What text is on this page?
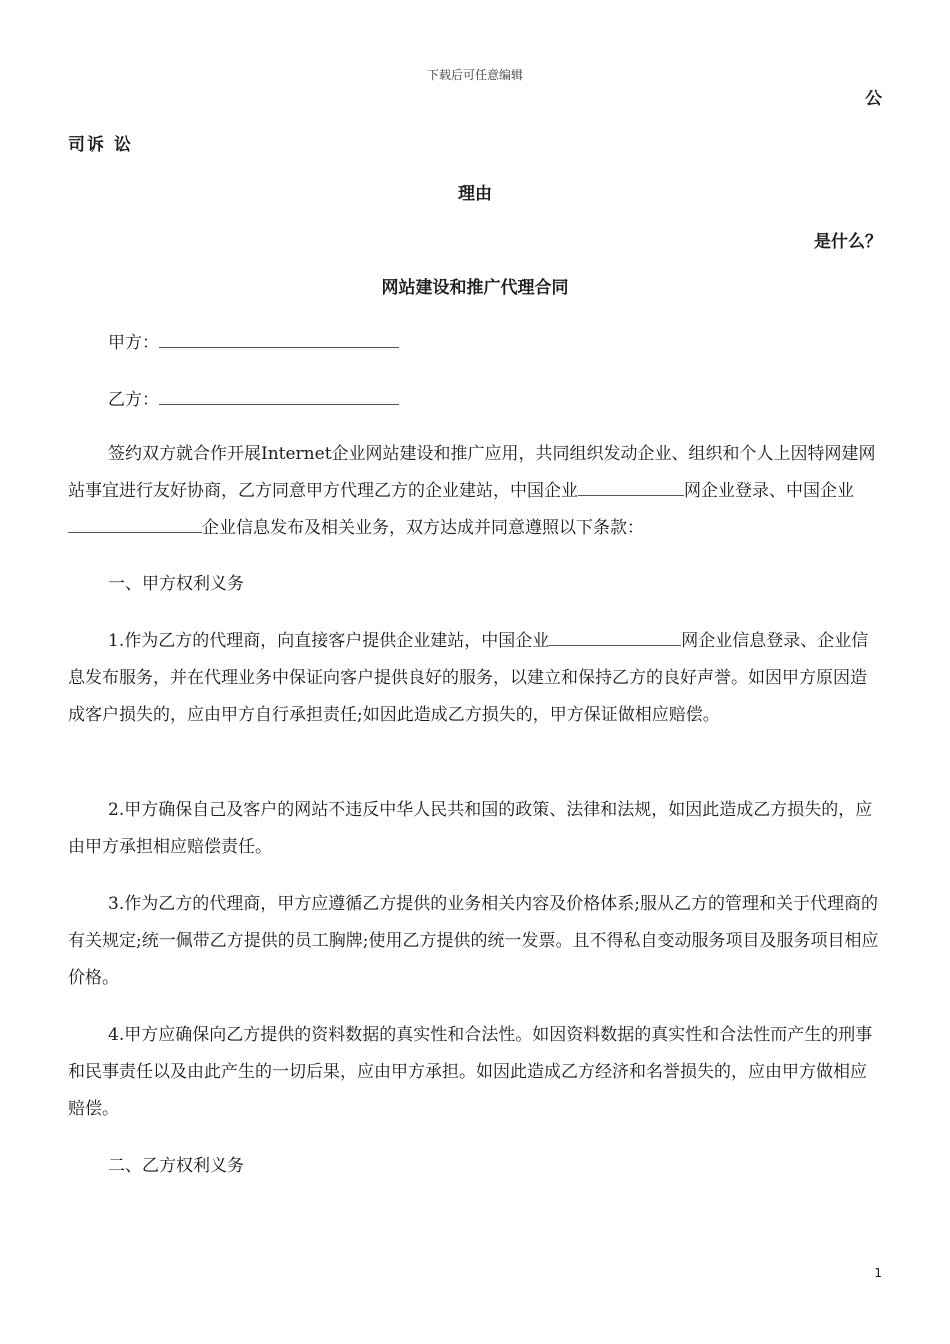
下载后可任意编辑
公
司诉 讼
理由
是什么？
网站建设和推广代理合同
甲方：
乙方：
签约双方就合作开展Internet企业网站建设和推广应用，共同组织发动企业、组织和个人上因特网建网站事宜进行友好协商，乙方同意甲方代理乙方的企业建站，中国企业	网企业登录、中国企业企业信息发布及相关业务，双方达成并同意遵照以下条款：
一、甲方权利义务
1.作为乙方的代理商，向直接客户提供企业建站，中国企业	网企业信息登录、企业信息发布服务，并在代理业务中保证向客户提供良好的服务，以建立和保持乙方的良好声誉。如因甲方原因造成客户损失的，应由甲方自行承担责任;如因此造成乙方损失的，甲方保证做相应赔偿。
2.甲方确保自己及客户的网站不违反中华人民共和国的政策、法律和法规，如因此造成乙方损失的，应由甲方承担相应赔偿责任。
3.作为乙方的代理商，甲方应遵循乙方提供的业务相关内容及价格体系;服从乙方的管理和关于代理商的有关规定;统一佩带乙方提供的员工胸牌;使用乙方提供的统一发票。且不得私自变动服务项目及服务项目相应价格。
4.甲方应确保向乙方提供的资料数据的真实性和合法性。如因资料数据的真实性和合法性而产生的刑事和民事责任以及由此产生的一切后果，应由甲方承担。如因此造成乙方经济和名誉损失的，应由甲方做相应赔偿。
二、乙方权利义务
1
